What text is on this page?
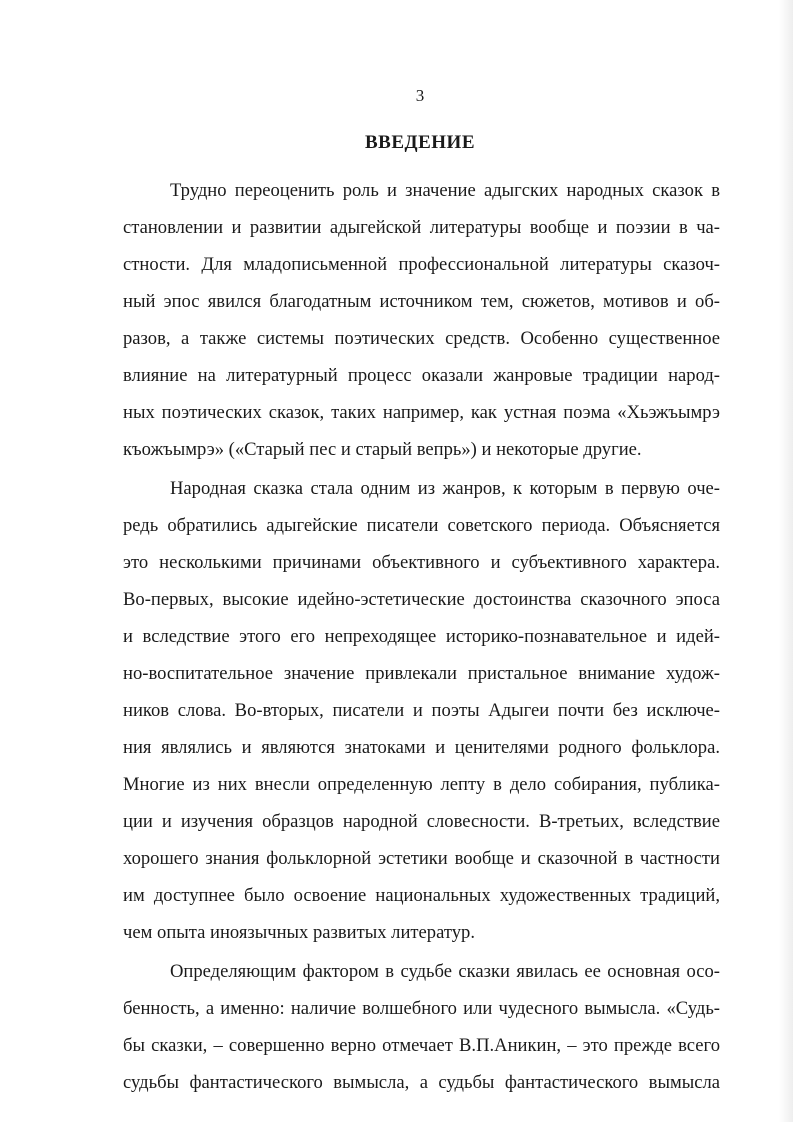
3
ВВЕДЕНИЕ
Трудно переоценить роль и значение адыгских народных сказок в
становлении и развитии адыгейской литературы вообще и поэзии в ча-
стности. Для младописьменной профессиональной литературы сказоч-
ный эпос явился благодатным источником тем, сюжетов, мотивов и об-
разов, а также системы поэтических средств. Особенно существенное
влияние на литературный процесс оказали жанровые традиции народ-
ных поэтических сказок, таких например, как устная поэма «Хьэжъымрэ
къожъымрэ» («Старый пес и старый вепрь») и некоторые другие.
Народная сказка стала одним из жанров, к которым в первую оче-
редь обратились адыгейские писатели советского периода. Объясняется
это несколькими причинами объективного и субъективного характера.
Во-первых, высокие идейно-эстетические достоинства сказочного эпоса
и вследствие этого его непреходящее историко-познавательное и идей-
но-воспитательное значение привлекали пристальное внимание худож-
ников слова. Во-вторых, писатели и поэты Адыгеи почти без исключе-
ния являлись и являются знатоками и ценителями родного фольклора.
Многие из них внесли определенную лепту в дело собирания, публика-
ции и изучения образцов народной словесности. В-третьих, вследствие
хорошего знания фольклорной эстетики вообще и сказочной в частности
им доступнее было освоение национальных художественных традиций,
чем опыта иноязычных развитых литератур.
Определяющим фактором в судьбе сказки явилась ее основная осо-
бенность, а именно: наличие волшебного или чудесного вымысла. «Судь-
бы сказки, – совершенно верно отмечает В.П.Аникин, – это прежде всего
судьбы фантастического вымысла, а судьбы фантастического вымысла
